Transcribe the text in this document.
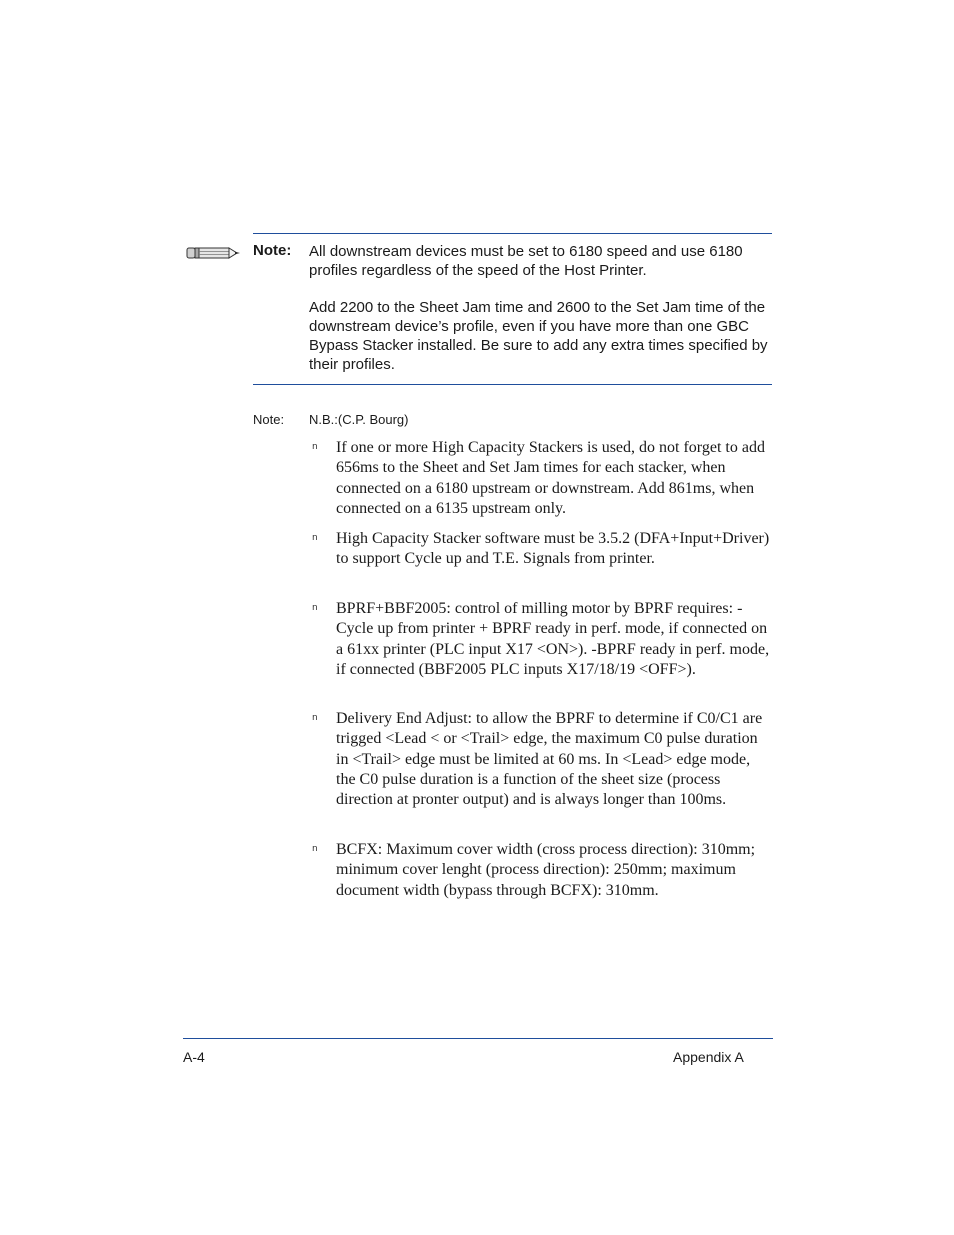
Note: All downstream devices must be set to 6180 speed and use 6180 profiles regardless of the speed of the Host Printer.
Add 2200 to the Sheet Jam time and 2600 to the Set Jam time of the downstream device’s profile, even if you have more than one GBC Bypass Stacker installed. Be sure to add any extra times specified by their profiles.
Note: N.B.:(C.P. Bourg)
n If one or more High Capacity Stackers is used, do not forget to add 656ms to the Sheet and Set Jam times for each stacker, when connected on a 6180 upstream or downstream. Add 861ms, when connected on a 6135 upstream only.
n High Capacity Stacker software must be 3.5.2 (DFA+Input+Driver) to support Cycle up and T.E. Signals from printer.
n BPRF+BBF2005: control of milling motor by BPRF requires: -Cycle up from printer + BPRF ready in perf. mode, if connected on a 61xx printer (PLC input X17 <ON>). -BPRF ready in perf. mode, if connected (BBF2005 PLC inputs X17/18/19 <OFF>).
n Delivery End Adjust: to allow the BPRF to determine if C0/C1 are trigged <Lead < or <Trail> edge, the maximum C0 pulse duration in <Trail> edge must be limited at 60 ms. In <Lead> edge mode, the C0 pulse duration is a function of the sheet size (process direction at pronter output) and is always longer than 100ms.
n BCFX: Maximum cover width (cross process direction): 310mm; minimum cover lenght (process direction): 250mm; maximum document width (bypass through BCFX): 310mm.
A-4	Appendix A
